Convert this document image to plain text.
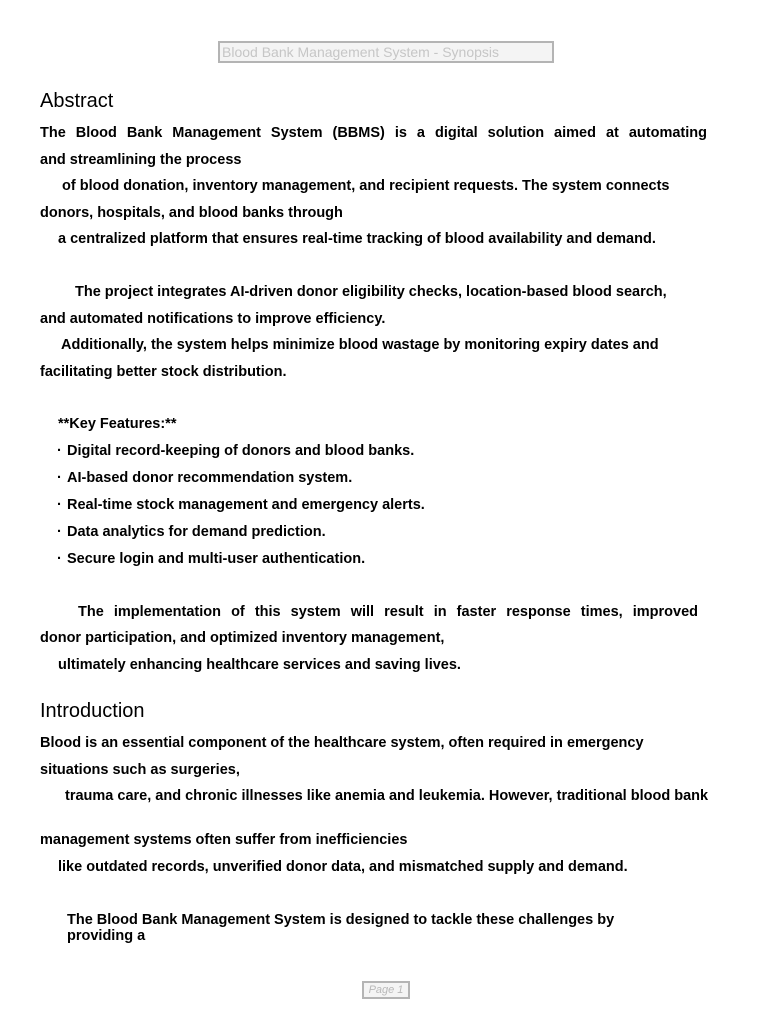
Blood Bank Management System - Synopsis
Abstract

The Blood Bank Management System (BBMS) is a digital solution aimed at automating

and streamlining the process

of blood donation, inventory management, and recipient requests. The system connects

donors, hospitals, and blood banks through

a centralized platform that ensures real-time tracking of blood availability and demand.

The project integrates AI-driven donor eligibility checks, location-based blood search,

and automated notifications to improve efficiency.

Additionally, the system helps minimize blood wastage by monitoring expiry dates and

facilitating better stock distribution.

**Key Features:**

· Digital record-keeping of donors and blood banks.
· AI-based donor recommendation system.
· Real-time stock management and emergency alerts.
· Data analytics for demand prediction.
· Secure login and multi-user authentication.

The implementation of this system will result in faster response times, improved

donor participation, and optimized inventory management,

ultimately enhancing healthcare services and saving lives.

Introduction

Blood is an essential component of the healthcare system, often required in emergency

situations such as surgeries,

trauma care, and chronic illnesses like anemia and leukemia. However, traditional blood bank

management systems often suffer from inefficiencies

like outdated records, unverified donor data, and mismatched supply and demand.

The Blood Bank Management System is designed to tackle these challenges by providing a

Page 1
